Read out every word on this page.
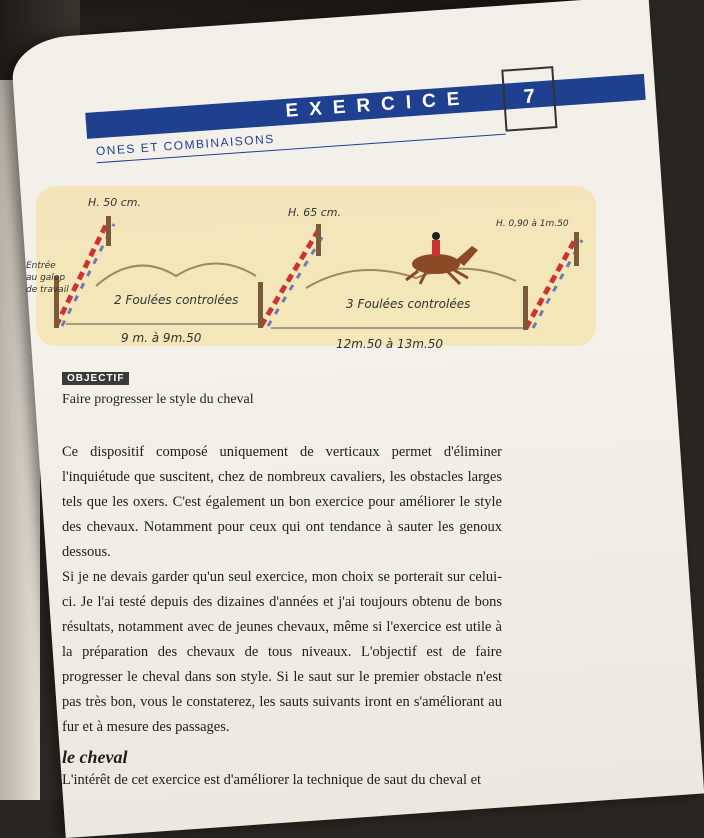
EXERCICE	7
ONES ET COMBINAISONS
H. 50 cm.
Entrée
au galop
de travail
2 Foulées controlées
9 m. à 9m.50
H. 65 cm.
3 Foulées controlées
12m.50 à 13m.50
H. 0,90 à 1m.50
OBJECTIF
Faire progresser le style du cheval

Ce dispositif composé uniquement de verticaux permet d'éliminer l'inquiétude que suscitent, chez de nombreux cavaliers, les obstacles larges tels que les oxers. C'est également un bon exercice pour améliorer le style des chevaux. Notamment pour ceux qui ont tendance à sauter les genoux dessous.

Si je ne devais garder qu'un seul exercice, mon choix se porterait sur celui-ci. Je l'ai testé depuis des dizaines d'années et j'ai toujours obtenu de bons résultats, notamment avec de jeunes chevaux, même si l'exercice est utile à la préparation des chevaux de tous niveaux. L'objectif est de faire progresser le cheval dans son style. Si le saut sur le premier obstacle n'est pas très bon, vous le constaterez, les sauts suivants iront en s'améliorant au fur et à mesure des passages.

le cheval
L'intérêt de cet exercice est d'améliorer la technique de saut du cheval et
